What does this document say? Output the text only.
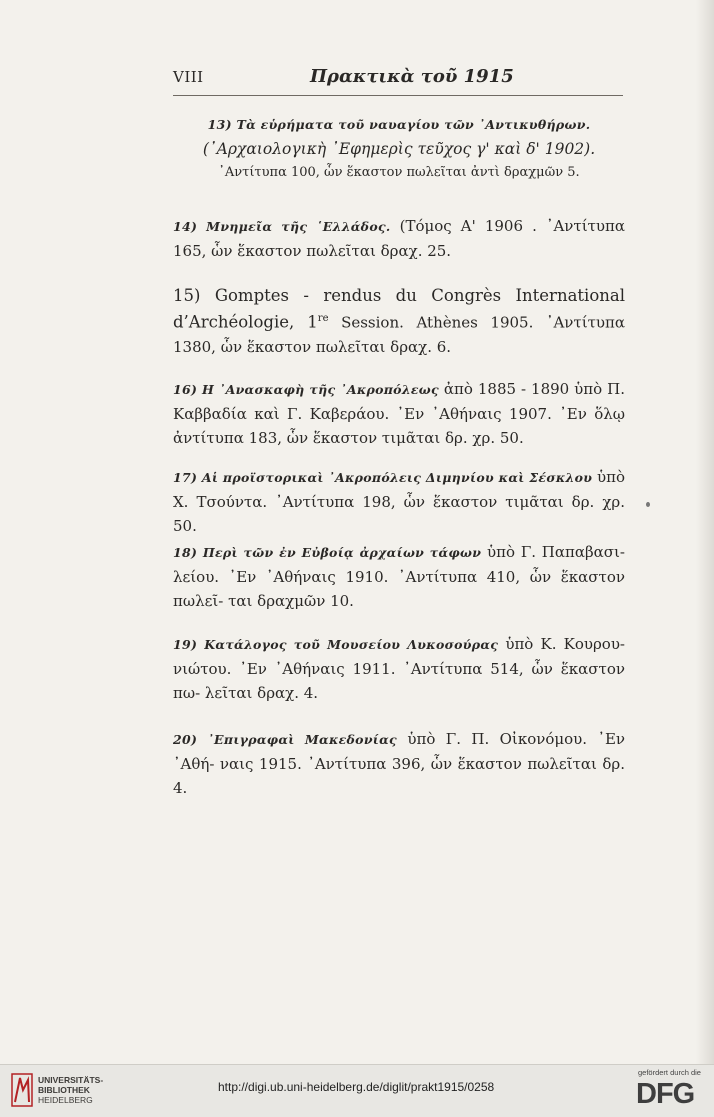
VIII	Πρακτικὰ τοῦ 1915
13) Τὰ εὑρήματα τοῦ ναυαγίου τῶν ᾿Αντικυθήρων.
(᾿Αρχαιολογικὴ ᾿Εφημερὶς τεῦχος γ' καὶ δ' 1902).
᾿Αντίτυπα 100, ὧν ἕκαστον πωλεῖται ἀντὶ δραχμῶν 5.
14) Μνημεῖα τῆς ῾Ελλάδος. (Τόμος Α' 1906 . ᾿Αντίτυπα 165, ὧν ἕκαστον πωλεῖται δραχ. 25.
15) Gomptes - rendus du Congrès International d’Archéologie, 1re Session. Athènes 1905. ᾿Αντίτυπα 1380, ὧν ἕκαστον πωλεῖται δραχ. 6.
16) Η ᾿Ανασκαφὴ τῆς ᾿Ακροπόλεως ἀπὸ 1885 - 1890 ὑπὸ Π. Καββαδία καὶ Γ. Καβεράου. ᾿Εν ᾿Αθήναις 1907. ᾿Εν ὅλῳ ἀντίτυπα 183, ὧν ἕκαστον τιμᾶται δρ. χρ. 50.
17) Αἱ προϊστορικαὶ ᾿Ακροπόλεις Διμηνίου καὶ Σέσκλου ὑπὸ Χ. Τσούντα. ᾿Αντίτυπα 198, ὧν ἕκαστον τιμᾶται δρ. χρ. 50.
18) Περὶ τῶν ἐν Εὐβοίᾳ ἀρχαίων τάφων ὑπὸ Γ. Παπαβασι- λείου. ᾿Εν ᾿Αθήναις 1910. ᾿Αντίτυπα 410, ὧν ἕκαστον πωλεῖ- ται δραχμῶν 10.
19) Κατάλογος τοῦ Μουσείου Λυκοσούρας ὑπὸ Κ. Κουρου- νιώτου. ᾿Εν ᾿Αθήναις 1911. ᾿Αντίτυπα 514, ὧν ἕκαστον πω- λεῖται δραχ. 4.
20) ᾿Επιγραφαὶ Μακεδονίας ὑπὸ Γ. Π. Οἰκονόμου. ᾿Εν ᾿Αθή- ναις 1915. ᾿Αντίτυπα 396, ὧν ἕκαστον πωλεῖται δρ. 4.
UNIVERSITÄTS-
BIBLIOTHEK
HEIDELBERG
http://digi.ub.uni-heidelberg.de/diglit/prakt1915/0258
gefördert durch die
DFG
